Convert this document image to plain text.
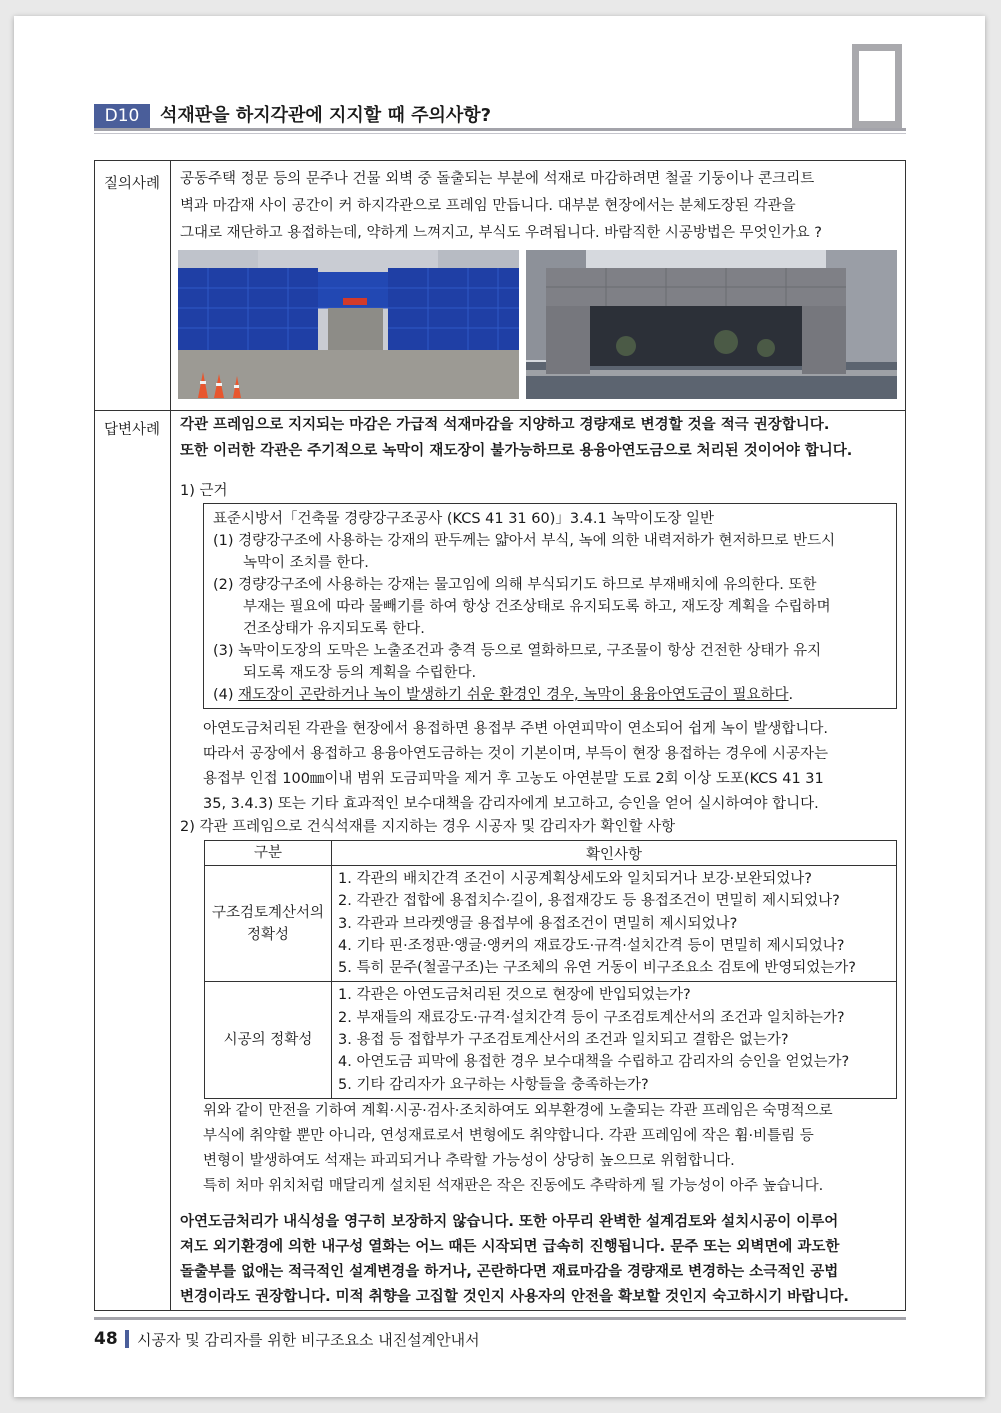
D10	석재판을 하지각관에 지지할 때 주의사항?
질의사례	공동주택 정문 등의 문주나 건물 외벽 중 돌출되는 부분에 석재로 마감하려면 철골 기둥이나 콘크리트
벽과 마감재 사이 공간이 커 하지각관으로 프레임 만듭니다. 대부분 현장에서는 분체도장된 각관을
그대로 재단하고 용접하는데, 약하게 느껴지고, 부식도 우려됩니다. 바람직한 시공방법은 무엇인가요 ?
답변사례	각관 프레임으로 지지되는 마감은 가급적 석재마감을 지양하고 경량재로 변경할 것을 적극 권장합니다.
또한 이러한 각관은 주기적으로 녹막이 재도장이 불가능하므로 용융아연도금으로 처리된 것이어야 합니다.
1) 근거
표준시방서「건축물 경량강구조공사 (KCS 41 31 60)」3.4.1 녹막이도장 일반
(1) 경량강구조에 사용하는 강재의 판두께는 얇아서 부식, 녹에 의한 내력저하가 현저하므로 반드시
녹막이 조치를 한다.
(2) 경량강구조에 사용하는 강재는 물고임에 의해 부식되기도 하므로 부재배치에 유의한다. 또한
부재는 필요에 따라 물빼기를 하여 항상 건조상태로 유지되도록 하고, 재도장 계획을 수립하며
건조상태가 유지되도록 한다.
(3) 녹막이도장의 도막은 노출조건과 충격 등으로 열화하므로, 구조물이 항상 건전한 상태가 유지
되도록 재도장 등의 계획을 수립한다.
(4) 재도장이 곤란하거나 녹이 발생하기 쉬운 환경인 경우, 녹막이 용융아연도금이 필요하다.
아연도금처리된 각관을 현장에서 용접하면 용접부 주변 아연피막이 연소되어 쉽게 녹이 발생합니다.
따라서 공장에서 용접하고 용융아연도금하는 것이 기본이며, 부득이 현장 용접하는 경우에 시공자는
용접부 인접 100㎜이내 범위 도금피막을 제거 후 고농도 아연분말 도료 2회 이상 도포(KCS 41 31
35, 3.4.3) 또는 기타 효과적인 보수대책을 감리자에게 보고하고, 승인을 얻어 실시하여야 합니다.
2) 각관 프레임으로 건식석재를 지지하는 경우 시공자 및 감리자가 확인할 사항
구분	확인사항
구조검토계산서의 정확성	1. 각관의 배치간격 조건이 시공계획상세도와 일치되거나 보강·보완되었나?
2. 각관간 접합에 용접치수·길이, 용접재강도 등 용접조건이 면밀히 제시되었나?
3. 각관과 브라켓앵글 용접부에 용접조건이 면밀히 제시되었나?
4. 기타 핀·조정판·앵글·앵커의 재료강도·규격·설치간격 등이 면밀히 제시되었나?
5. 특히 문주(철골구조)는 구조체의 유연 거동이 비구조요소 검토에 반영되었는가?

시공의 정확성	1. 각관은 아연도금처리된 것으로 현장에 반입되었는가?
2. 부재들의 재료강도·규격·설치간격 등이 구조검토계산서의 조건과 일치하는가?
3. 용접 등 접합부가 구조검토계산서의 조건과 일치되고 결함은 없는가?
4. 아연도금 피막에 용접한 경우 보수대책을 수립하고 감리자의 승인을 얻었는가?
5. 기타 감리자가 요구하는 사항들을 충족하는가?
위와 같이 만전을 기하여 계획·시공·검사·조치하여도 외부환경에 노출되는 각관 프레임은 숙명적으로
부식에 취약할 뿐만 아니라, 연성재료로서 변형에도 취약합니다. 각관 프레임에 작은 휨·비틀림 등
변형이 발생하여도 석재는 파괴되거나 추락할 가능성이 상당히 높으므로 위험합니다.
특히 처마 위치처럼 매달리게 설치된 석재판은 작은 진동에도 추락하게 될 가능성이 아주 높습니다.
아연도금처리가 내식성을 영구히 보장하지 않습니다. 또한 아무리 완벽한 설계검토와 설치시공이 이루어
져도 외기환경에 의한 내구성 열화는 어느 때든 시작되면 급속히 진행됩니다. 문주 또는 외벽면에 과도한
돌출부를 없애는 적극적인 설계변경을 하거나, 곤란하다면 재료마감을 경량재로 변경하는 소극적인 공법
변경이라도 권장합니다. 미적 취향을 고집할 것인지 사용자의 안전을 확보할 것인지 숙고하시기 바랍니다.
48 시공자 및 감리자를 위한 비구조요소 내진설계안내서
